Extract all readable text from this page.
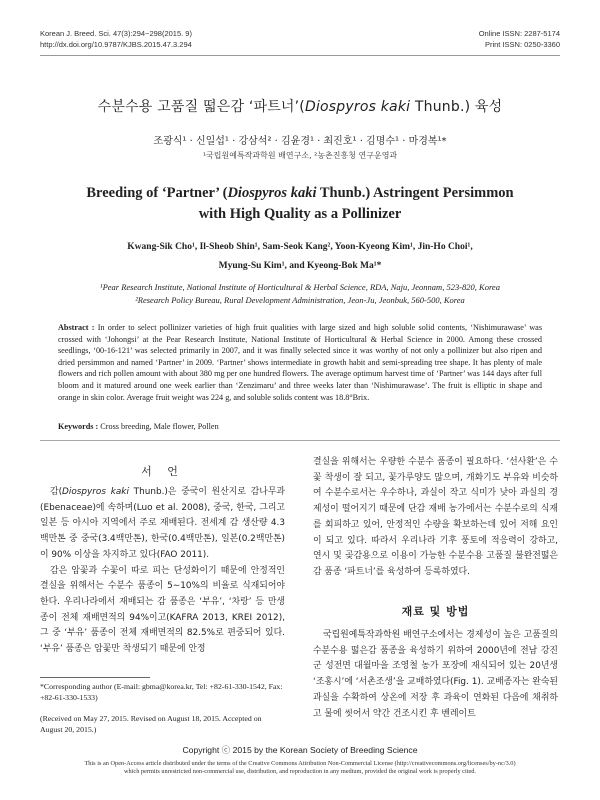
Korean J. Breed. Sci. 47(3):294~298(2015. 9)
http://dx.doi.org/10.9787/KJBS.2015.47.3.294
Online ISSN: 2287-5174
Print ISSN: 0250-3360
수분수용 고품질 떫은감 ‘파트너’(Diospyros kaki Thunb.) 육성
조광식¹ · 신일섭¹ · 강삼석² · 김윤경¹ · 최진호¹ · 김명수¹ · 마경복¹*
¹국립원예특작과학원 배연구소, ²농촌진흥청 연구운영과
Breeding of ‘Partner’ (Diospyros kaki Thunb.) Astringent Persimmon
with High Quality as a Pollinizer
Kwang-Sik Cho¹, Il-Sheob Shin¹, Sam-Seok Kang², Yoon-Kyeong Kim¹, Jin-Ho Choi¹,
Myung-Su Kim¹, and Kyeong-Bok Ma¹*
¹Pear Research Institute, National Institute of Horticultural & Herbal Science, RDA, Naju, Jeonnam, 523-820, Korea
²Research Policy Bureau, Rural Development Administration, Jeon-Ju, Jeonbuk, 560-500, Korea
Abstract : In order to select pollinizer varieties of high fruit qualities with large sized and high soluble solid contents, ‘Nishimurawase’ was crossed with ‘Johongsi’ at the Pear Research Institute, National Institute of Horticultural & Herbal Science in 2000. Among these crossed seedlings, ‘00-16-121’ was selected primarily in 2007, and it was finally selected since it was worthy of not only a pollinizer but also ripen and dried persimmon and named ‘Partner’ in 2009. ‘Partner’ shows intermediate in growth habit and semi-spreading tree shape. It has plenty of male flowers and rich pollen amount with about 380 mg per one hundred flowers. The average optimum harvest time of ‘Partner’ was 144 days after full bloom and it matured around one week earlier than ‘Zenzimaru’ and three weeks later than ‘Nishimurawase’. The fruit is elliptic in shape and orange in skin color. Average fruit weight was 224 g, and soluble solids content was 18.8°Brix.
Keywords : Cross breeding, Male flower, Pollen
서 언

감(Diospyros kaki Thunb.)은 중국이 원산지로 감나무과(Ebenaceae)에 속하며(Luo et al. 2008), 중국, 한국, 그리고 일본 등 아시아 지역에서 주로 재배된다. 전세계 감 생산량 4.3백만톤 중 중국(3.4백만톤), 한국(0.4백만톤), 일본(0.2백만톤)이 90% 이상을 차지하고 있다(FAO 2011).

감은 암꽃과 수꽃이 따로 피는 단성화이기 때문에 안정적인 결실을 위해서는 수분수 품종이 5∼10%의 비율로 식재되어야 한다. 우리나라에서 재배되는 감 품종은 ‘부유’, ‘차랑’ 등 만생종이 전체 재배면적의 94%이고(KAFRA 2013, KREI 2012), 그 중 ‘부유’ 품종이 전체 재배면적의 82.5%로 편중되어 있다. ‘부유’ 품종은 암꽃만 착생되기 때문에 안정

결실을 위해서는 우량한 수분수 품종이 필요하다. ‘선사환’은 수꽃 착생이 잘 되고, 꽃가루양도 많으며, 개화기도 부유와 비슷하여 수분수로서는 우수하나, 과실이 작고 식미가 낮아 과실의 경제성이 떨어지기 때문에 단감 재배 농가에서는 수분수로의 식재를 회피하고 있어, 안정적인 수량을 확보하는데 있어 저해 요인이 되고 있다. 따라서 우리나라 기후 풍토에 적응력이 강하고, 연시 및 곶감용으로 이용이 가능한 수분수용 고품질 불완전떫은감 품종 ‘파트너’를 육성하여 등록하였다.

재료 및 방법

국립원예특작과학원 배연구소에서는 경제성이 높은 고품질의 수분수용 떫은감 품종을 육성하기 위하여 2000년에 전남 강진군 성전면 대월마을 조영철 농가 포장에 재식되어 있는 20년생 ‘조홍시’에 ‘서촌조생’을 교배하였다(Fig. 1). 교배종자는 완숙된 과실을 수확하여 상온에 저장 후 과육이 연화된 다음에 채취하고 물에 씻어서 약간 건조시킨 후 벤레이트

*Corresponding author (E-mail: gbma@korea.kr, Tel: +82-61-330-1542, Fax: +82-61-330-1533)
(Received on May 27, 2015. Revised on August 18, 2015. Accepted on August 20, 2015.)
Copyright ⓒ 2015 by the Korean Society of Breeding Science
This is an Open-Access article distributed under the terms of the Creative Commons Attribution Non-Commercial License (http://creativecommons.org/licenses/by-nc/3.0)
which permits unrestricted non-commercial use, distribution, and reproduction in any medium, provided the original work is properly cited.
